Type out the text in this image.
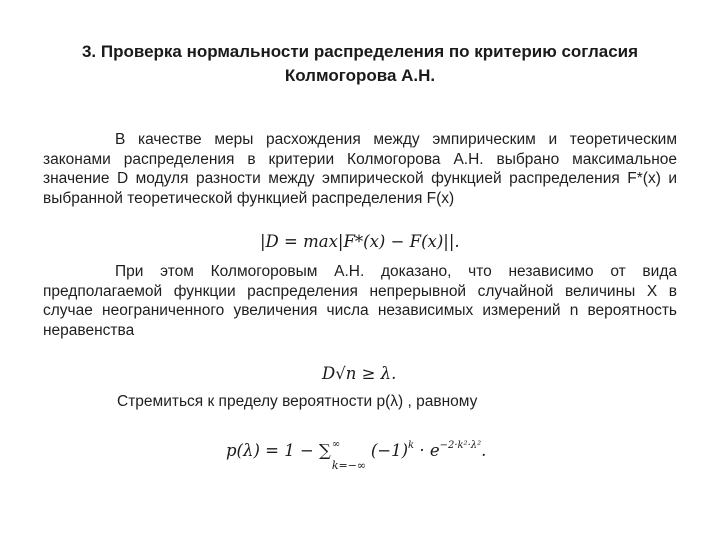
3. Проверка нормальности распределения по критерию согласия
Колмогорова А.Н.
В качестве меры расхождения между эмпирическим и теоретическим законами распределения в критерии Колмогорова А.Н. выбрано максимальное значение D модуля разности между эмпирической функцией распределения F*(x) и выбранной теоретической функцией распределения F(x)
|D = max|F*(x) − F(x)||.
При этом Колмогоровым А.Н. доказано, что независимо от вида предполагаемой функции распределения непрерывной случайной величины X в случае неограниченного увеличения числа независимых измерений n вероятность неравенства
D√n ≥ λ.
Стремиться к пределу вероятности p(λ) , равному
p(λ) = 1 − ∑
k=−∞
∞ $(-1)^k \cdot e^{-2\cdot k^2\cdot\lambda^2}$.
